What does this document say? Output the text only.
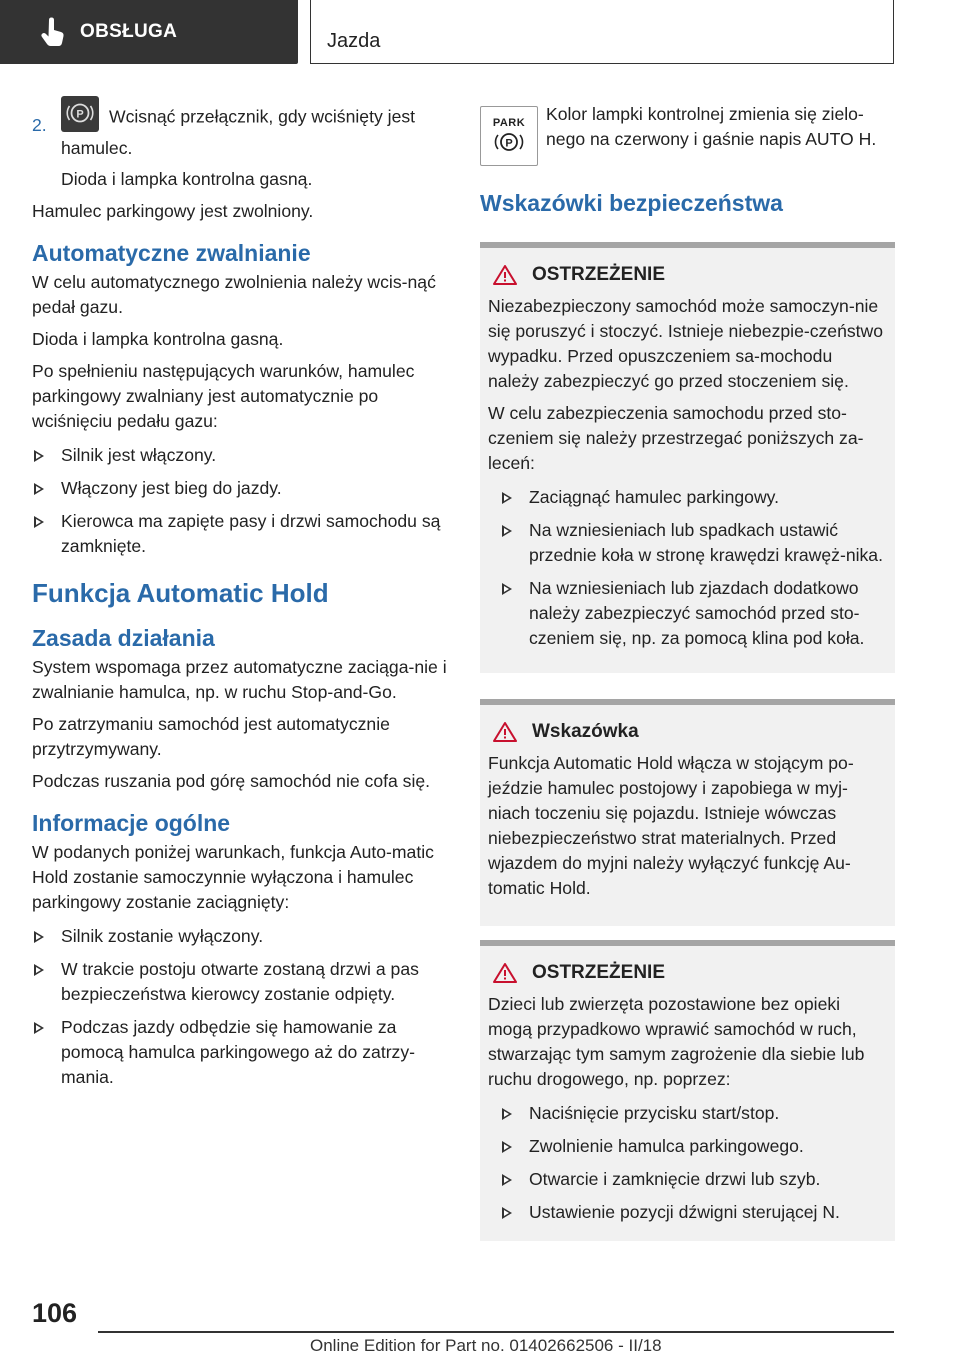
OBSŁUGA	Jazda
2.
P Wcisnąć przełącznik, gdy wciśnięty jest hamulec.

Dioda i lampka kontrolna gasną.

Hamulec parkingowy jest zwolniony.

Automatyczne zwalnianie

W celu automatycznego zwolnienia należy wcis-nąć pedał gazu.

Dioda i lampka kontrolna gasną.

Po spełnieniu następujących warunków, hamulec parkingowy zwalniany jest automatycznie po wciśnięciu pedału gazu:

Silnik jest włączony.
Włączony jest bieg do jazdy.
Kierowca ma zapięte pasy i drzwi samochodu są zamknięte.
Funkcja Automatic Hold
Zasada działania

System wspomaga przez automatyczne zaciąga-nie i zwalnianie hamulca, np. w ruchu Stop-and-Go.

Po zatrzymaniu samochód jest automatycznie przytrzymywany.

Podczas ruszania pod górę samochód nie cofa się.

Informacje ogólne

W podanych poniżej warunkach, funkcja Auto-matic Hold zostanie samoczynnie wyłączona i hamulec parkingowy zostanie zaciągnięty:

Silnik zostanie wyłączony.
W trakcie postoju otwarte zostaną drzwi a pas bezpieczeństwa kierowcy zostanie odpięty.
Podczas jazdy odbędzie się hamowanie za pomocą hamulca parkingowego aż do zatrzy-mania.
PARK
P

Kolor lampki kontrolnej zmienia się zielo-nego na czerwony i gaśnie napis AUTO H.

Wskazówki bezpieczeństwa
OSTRZEŻENIE

Niezabezpieczony samochód może samoczyn-nie się poruszyć i stoczyć. Istnieje niebezpie-czeństwo wypadku. Przed opuszczeniem sa-mochodu należy zabezpieczyć go przed stoczeniem się.

W celu zabezpieczenia samochodu przed sto-czeniem się należy przestrzegać poniższych za-leceń:

Zaciągnąć hamulec parkingowy.
Na wzniesieniach lub spadkach ustawić przednie koła w stronę krawędzi krawęż-nika.
Na wzniesieniach lub zjazdach dodatkowo należy zabezpieczyć samochód przed sto-czeniem się, np. za pomocą klina pod koła.
Wskazówka

Funkcja Automatic Hold włącza w stojącym po-jeździe hamulec postojowy i zapobiega w myj-niach toczeniu się pojazdu. Istnieje wówczas niebezpieczeństwo strat materialnych. Przed wjazdem do myjni należy wyłączyć funkcję Au-tomatic Hold.

OSTRZEŻENIE

Dzieci lub zwierzęta pozostawione bez opieki mogą przypadkowo wprawić samochód w ruch, stwarzając tym samym zagrożenie dla siebie lub ruchu drogowego, np. poprzez:

Naciśnięcie przycisku start/stop.
Zwolnienie hamulca parkingowego.
Otwarcie i zamknięcie drzwi lub szyb.
Ustawienie pozycji dźwigni sterującej N.
106
Online Edition for Part no. 01402662506 - II/18
